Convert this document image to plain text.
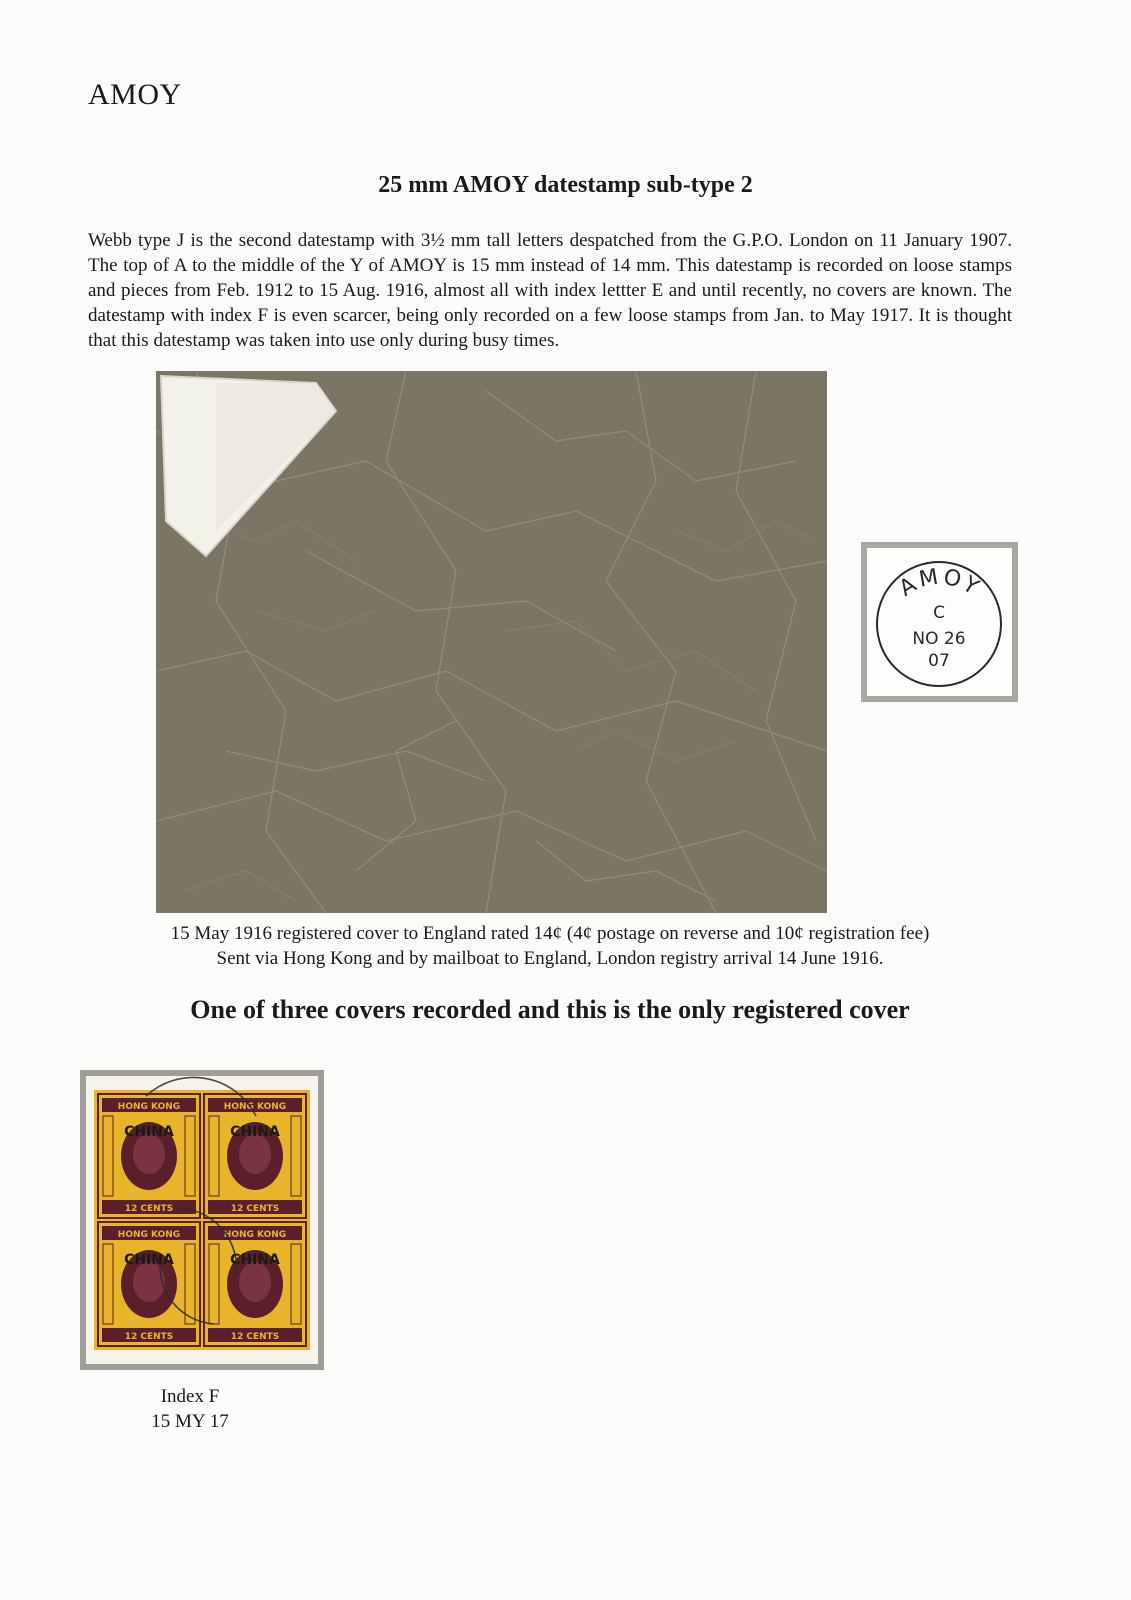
AMOY
25 mm AMOY datestamp sub-type 2

Webb type J is the second datestamp with 3½ mm tall letters despatched from the G.P.O. London on 11 January 1907. The top of A to the middle of the Y of AMOY is 15 mm instead of 14 mm. This datestamp is recorded on loose stamps and pieces from Feb. 1912 to 15 Aug. 1916, almost all with index lettter E and until recently, no covers are known. The datestamp with index F is even scarcer, being only recorded on a few loose stamps from Jan. to May 1917. It is thought that this datestamp was taken into use only during busy times.

AMOY
C
NO 26
07
15 May 1916 registered cover to England rated 14¢ (4¢ postage on reverse and 10¢ registration fee)
Sent via Hong Kong and by mailboat to England, London registry arrival 14 June 1916.
One of three covers recorded and this is the only registered cover
HONG KONG
CHINA
12 CENTS
HONG KONG
CHINA
12 CENTS
HONG KONG
CHINA
12 CENTS
HONG KONG
CHINA
12 CENTS
Index F
15 MY 17
